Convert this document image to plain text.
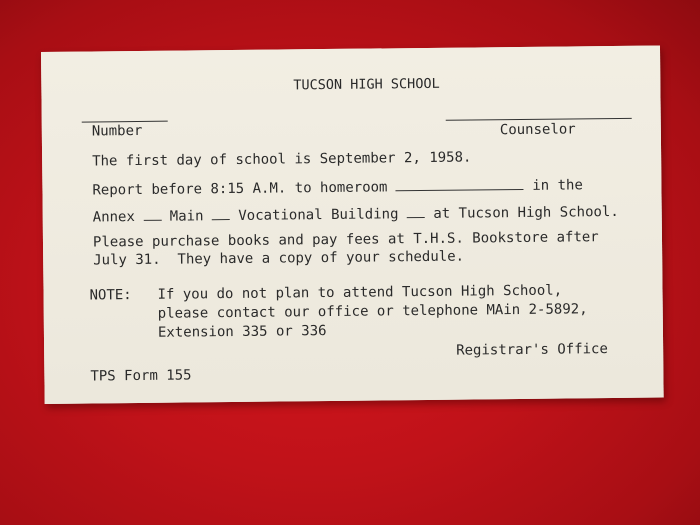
TUCSON HIGH SCHOOL
Number	Counselor
The first day of school is September 2, 1958.
Report before 8:15 A.M. to homeroom	in the
Annex  Main  Vocational Building  at Tucson High School.
Please purchase books and pay fees at T.H.S. Bookstore after
July 31.  They have a copy of your schedule.
NOTE: If you do not plan to attend Tucson High School,
please contact our office or telephone MAin 2-5892,
Extension 335 or 336
Registrar's Office
TPS Form 155
